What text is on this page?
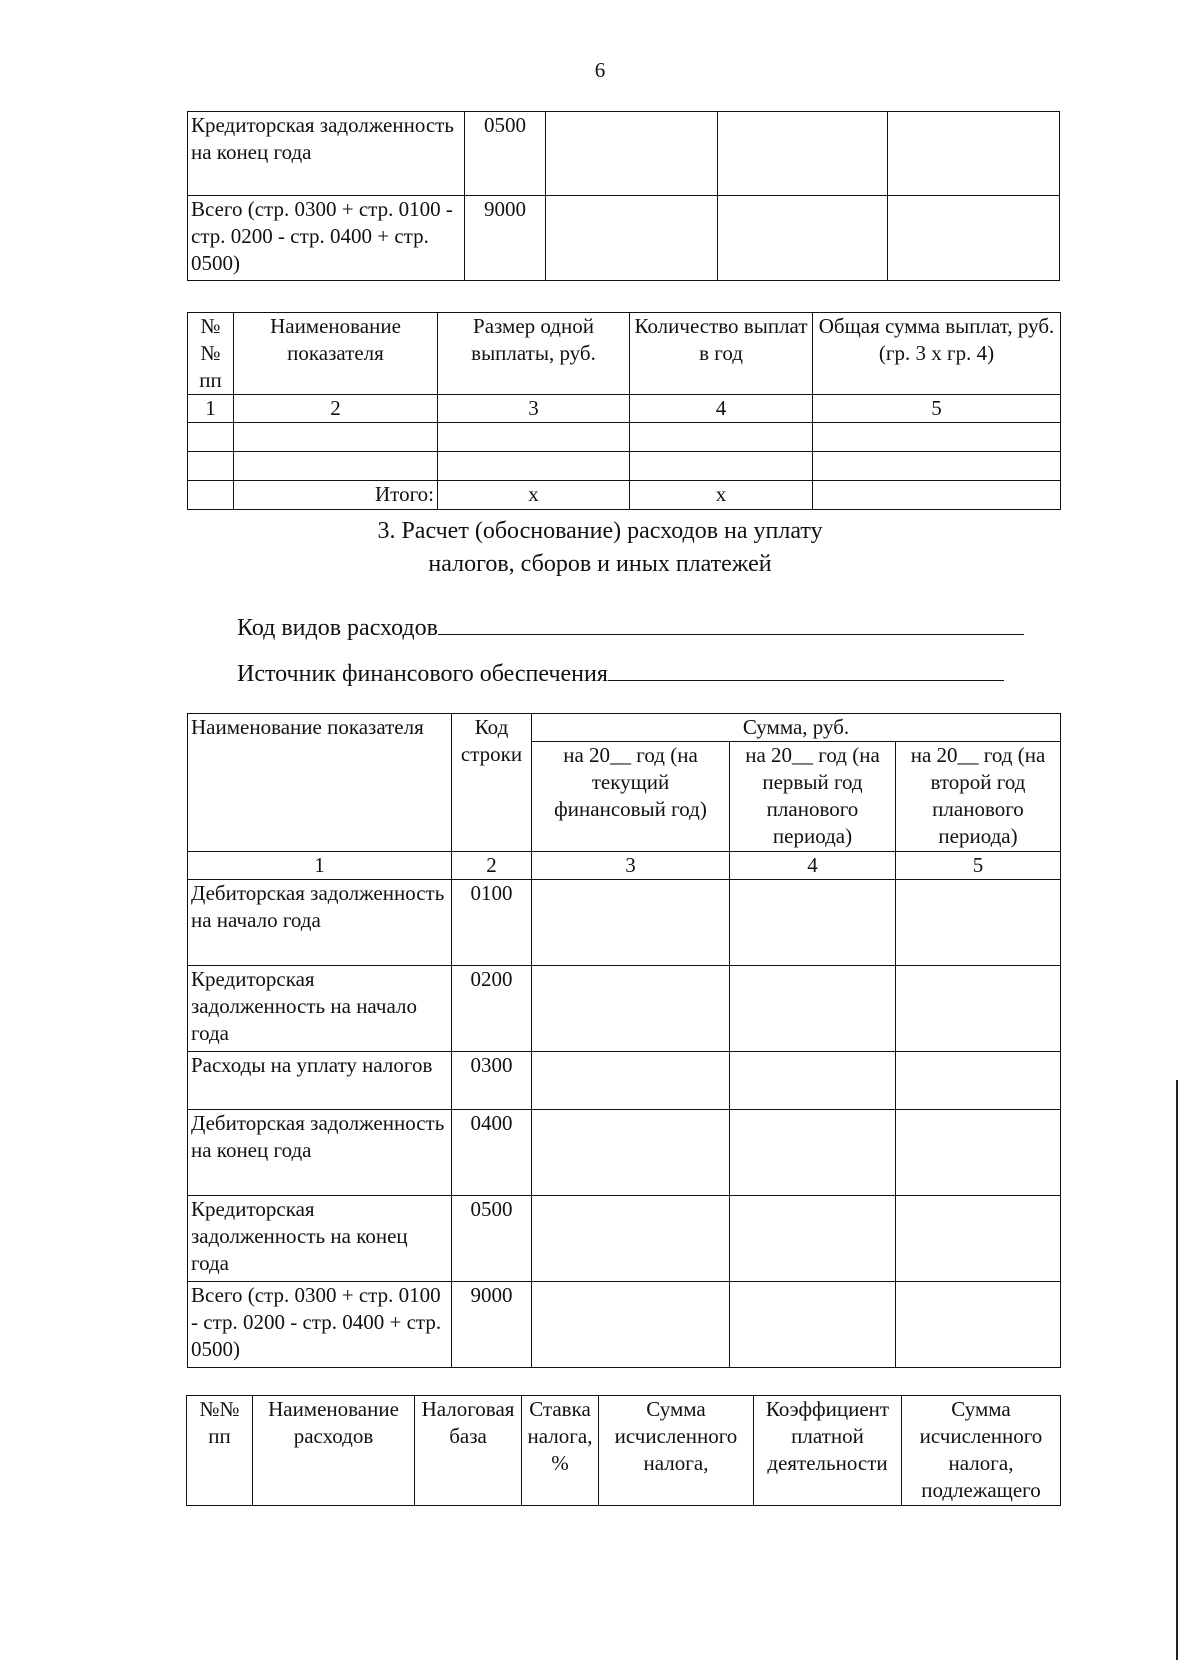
6
Кредиторская задолженность на конец года	0500			
Всего (стр. 0300 + стр. 0100 - стр. 0200 - стр. 0400 + стр. 0500)	9000			
№№ пп	Наименование показателя	Размер одной выплаты, руб.	Количество выплат в год	Общая сумма выплат, руб. (гр. 3 х гр. 4)
1	2	3	4	5

	Итого:	х	х	
3. Расчет (обоснование) расходов на уплату
налогов, сборов и иных платежей
Код видов расходов
Источник финансового обеспечения
Наименование показателя	Код строки	Сумма, руб.		
		на 20__ год (на текущий финансовый год)	на 20__ год (на первый год планового периода)	на 20__ год (на второй год планового периода)
1	2	3	4	5
Дебиторская задолженность на начало года	0100			
Кредиторская задолженность на начало года	0200			
Расходы на уплату налогов	0300			
Дебиторская задолженность на конец года	0400			
Кредиторская задолженность на конец года	0500			
Всего (стр. 0300 + стр. 0100 - стр. 0200 - стр. 0400 + стр. 0500)	9000			
№№ пп	Наименование расходов	Налоговая база	Ставка налога, %	Сумма исчисленного налога,	Коэффициент платной деятельности	Сумма исчисленного налога, подлежащего
